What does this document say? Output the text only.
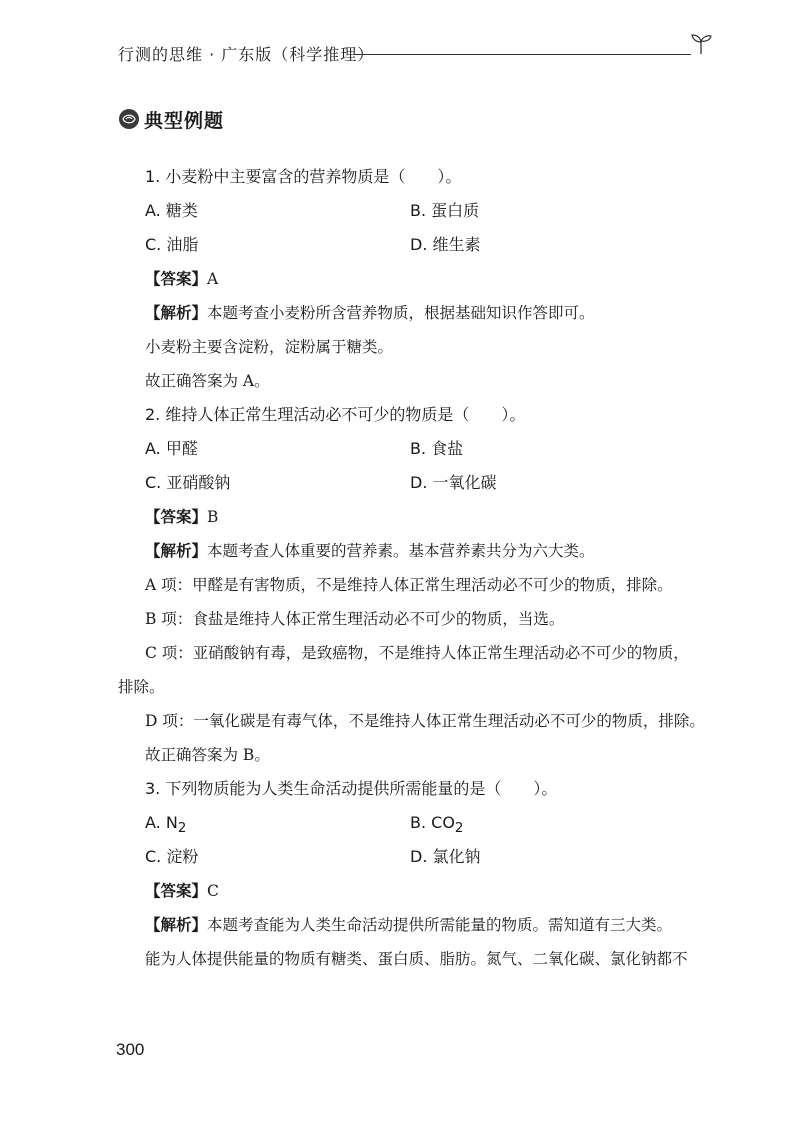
行测的思维 · 广东版（科学推理）
典型例题
1. 小麦粉中主要富含的营养物质是（　　）。
A. 糖类	B. 蛋白质
C. 油脂	D. 维生素
【答案】A
【解析】本题考查小麦粉所含营养物质，根据基础知识作答即可。
小麦粉主要含淀粉，淀粉属于糖类。
故正确答案为 A。
2. 维持人体正常生理活动必不可少的物质是（　　）。
A. 甲醛	B. 食盐
C. 亚硝酸钠	D. 一氧化碳
【答案】B
【解析】本题考查人体重要的营养素。基本营养素共分为六大类。
A 项：甲醛是有害物质，不是维持人体正常生理活动必不可少的物质，排除。
B 项：食盐是维持人体正常生理活动必不可少的物质，当选。
C 项：亚硝酸钠有毒，是致癌物，不是维持人体正常生理活动必不可少的物质，
排除。
D 项：一氧化碳是有毒气体，不是维持人体正常生理活动必不可少的物质，排除。
故正确答案为 B。
3. 下列物质能为人类生命活动提供所需能量的是（　　）。
A. $N_2$	B. $CO_2$
C. 淀粉	D. 氯化钠
【答案】C
【解析】本题考查能为人类生命活动提供所需能量的物质。需知道有三大类。
能为人体提供能量的物质有糖类、蛋白质、脂肪。氮气、二氧化碳、氯化钠都不
300
